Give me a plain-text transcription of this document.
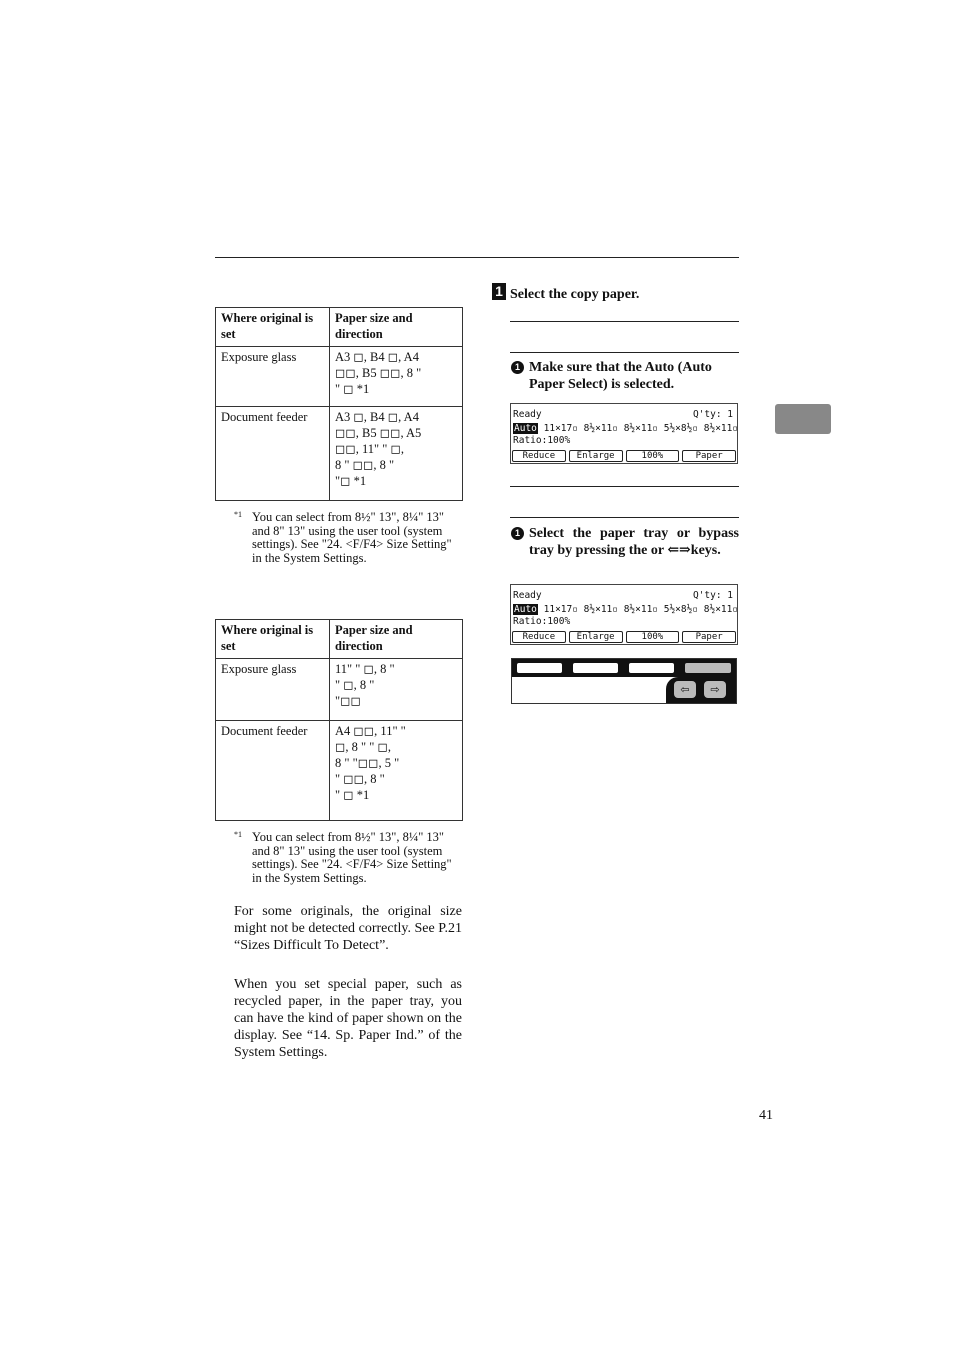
Where original is set	Paper size and direction
Exposure glass	A3 ◻, B4 ◻, A4
◻◻, B5 ◻◻, 8 "
" ◻ *1
Document feeder	A3 ◻, B4 ◻, A4
◻◻, B5 ◻◻, A5
◻◻, 11" " ◻,
8 " ◻◻, 8 "
"◻ *1
*1 You can select from 8½" 13", 8¼" 13" and 8" 13" using the user tool (system settings). See "24. <F/F4> Size Setting" in the System Settings.
Where original is set	Paper size and direction
Exposure glass	11" " ◻, 8 "
" ◻, 8 "
"◻◻
Document feeder	A4 ◻◻, 11" "
◻, 8 " " ◻,
8 " "◻◻, 5 "
" ◻◻, 8 "
" ◻ *1
*1 You can select from 8½" 13", 8¼" 13" and 8" 13" using the user tool (system settings). See "24. <F/F4> Size Setting" in the System Settings.
For some originals, the original size might not be detected correctly. See P.21 “Sizes Difficult To Detect”.
When you set special paper, such as recycled paper, in the paper tray, you can have the kind of paper shown on the display. See “14. Sp. Paper Ind.” of the System Settings.
1 Select the copy paper.
1 Make sure that the Auto (Auto Paper Select) is selected.
Ready	Q'ty: 1
Auto 11×17▫ 8½×11▫ 8½×11▫ 5½×8½▫ 8½×11▫
Ratio:100%
Reduce	Enlarge	100%	Paper
1 Select the paper tray or bypass tray by pressing the or ⇐⇒keys.
Ready	Q'ty: 1
Auto 11×17▫ 8½×11▫ 8½×11▫ 5½×8½▫ 8½×11▫
Ratio:100%
Reduce	Enlarge	100%	Paper
⇦	⇨
41
